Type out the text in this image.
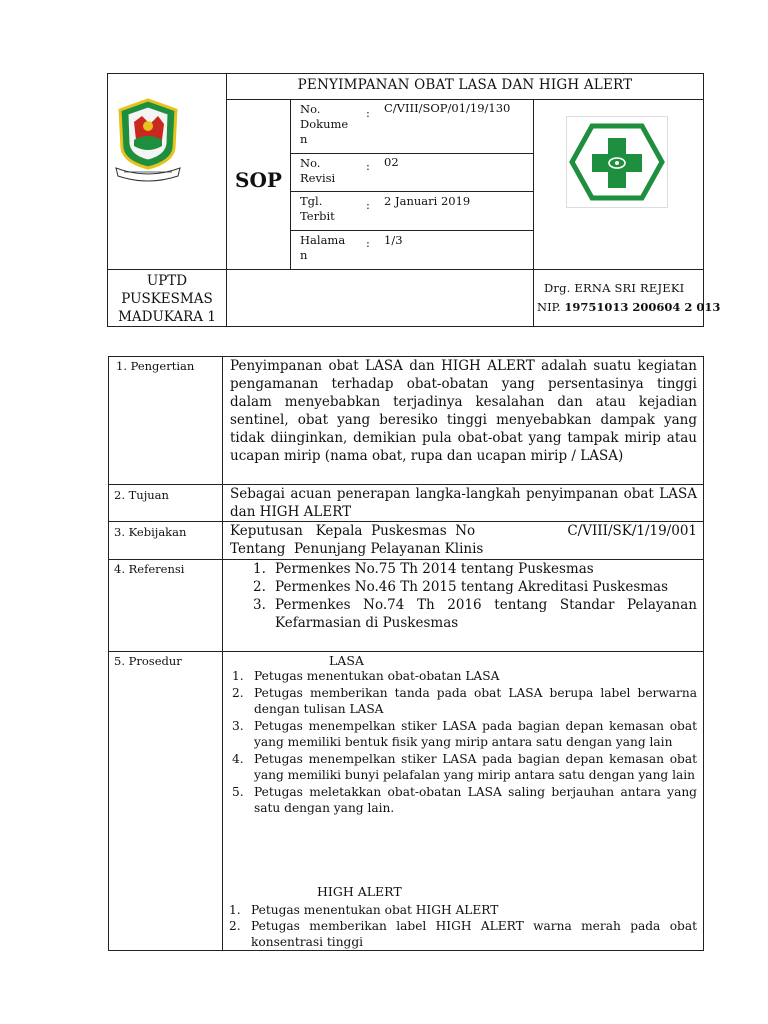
PENYIMPANAN OBAT LASA DAN HIGH ALERT
SOP
No.
Dokume
n
: C/VIII/SOP/01/19/130
No.
Revisi
: 02
Tgl.
Terbit
: 2 Januari 2019
Halama
n
: 1/3
UPTD
PUSKESMAS
MADUKARA 1
Drg. ERNA SRI REJEKI
NIP. 19751013 200604 2 013
1. Pengertian
2. Tujuan
3. Kebijakan
4. Referensi
5. Prosedur
Penyimpanan obat LASA dan HIGH ALERT adalah suatu kegiatan pengamanan terhadap obat-obatan yang persentasinya tinggi dalam menyebabkan terjadinya kesalahan dan atau kejadian sentinel, obat yang beresiko tinggi menyebabkan dampak yang tidak diinginkan, demikian pula obat-obat yang tampak mirip atau ucapan mirip (nama obat, rupa dan ucapan mirip / LASA)
Sebagai acuan penerapan langka-langkah penyimpanan obat LASA dan HIGH ALERT
Keputusan   Kepala  Puskesmas  No	C/VIII/SK/1/19/001
Tentang  Penunjang Pelayanan Klinis
1. Permenkes No.75 Th 2014 tentang Puskesmas
2. Permenkes No.46 Th 2015 tentang Akreditasi Puskesmas
3. Permenkes No.74 Th 2016 tentang Standar Pelayanan Kefarmasian di Puskesmas
LASA
1. Petugas menentukan obat-obatan LASA
2. Petugas memberikan tanda pada obat LASA berupa label berwarna dengan tulisan LASA
3. Petugas menempelkan stiker LASA pada bagian depan kemasan obat yang memiliki bentuk fisik yang mirip antara satu dengan yang lain
4. Petugas menempelkan stiker LASA pada bagian depan kemasan obat yang memiliki bunyi pelafalan yang mirip antara satu dengan yang lain
5. Petugas meletakkan obat-obatan LASA saling berjauhan antara yang satu dengan yang lain.
HIGH ALERT
1. Petugas menentukan obat HIGH ALERT
2. Petugas memberikan label HIGH ALERT warna merah pada obat konsentrasi tinggi
